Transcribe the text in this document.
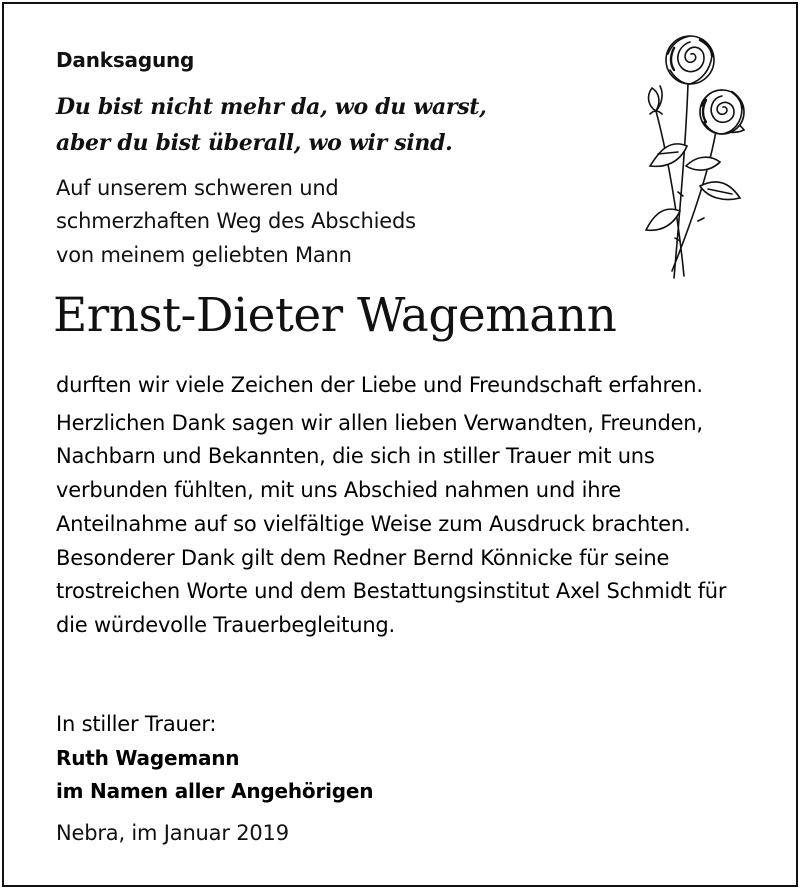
Danksagung
Du bist nicht mehr da, wo du warst,
aber du bist überall, wo wir sind.
Auf unserem schweren und
schmerzhaften Weg des Abschieds
von meinem geliebten Mann
Ernst-Dieter Wagemann

durften wir viele Zeichen der Liebe und Freundschaft erfahren.

Herzlichen Dank sagen wir allen lieben Verwandten, Freunden, Nachbarn und Bekannten, die sich in stiller Trauer mit uns verbunden fühlten, mit uns Abschied nahmen und ihre Anteilnahme auf so vielfältige Weise zum Ausdruck brachten.

Besonderer Dank gilt dem Redner Bernd Könnicke für seine trostreichen Worte und dem Bestattungsinstitut Axel Schmidt für die würdevolle Trauerbegleitung.

In stiller Trauer:
Ruth Wagemann
im Namen aller Angehörigen
Nebra, im Januar 2019
